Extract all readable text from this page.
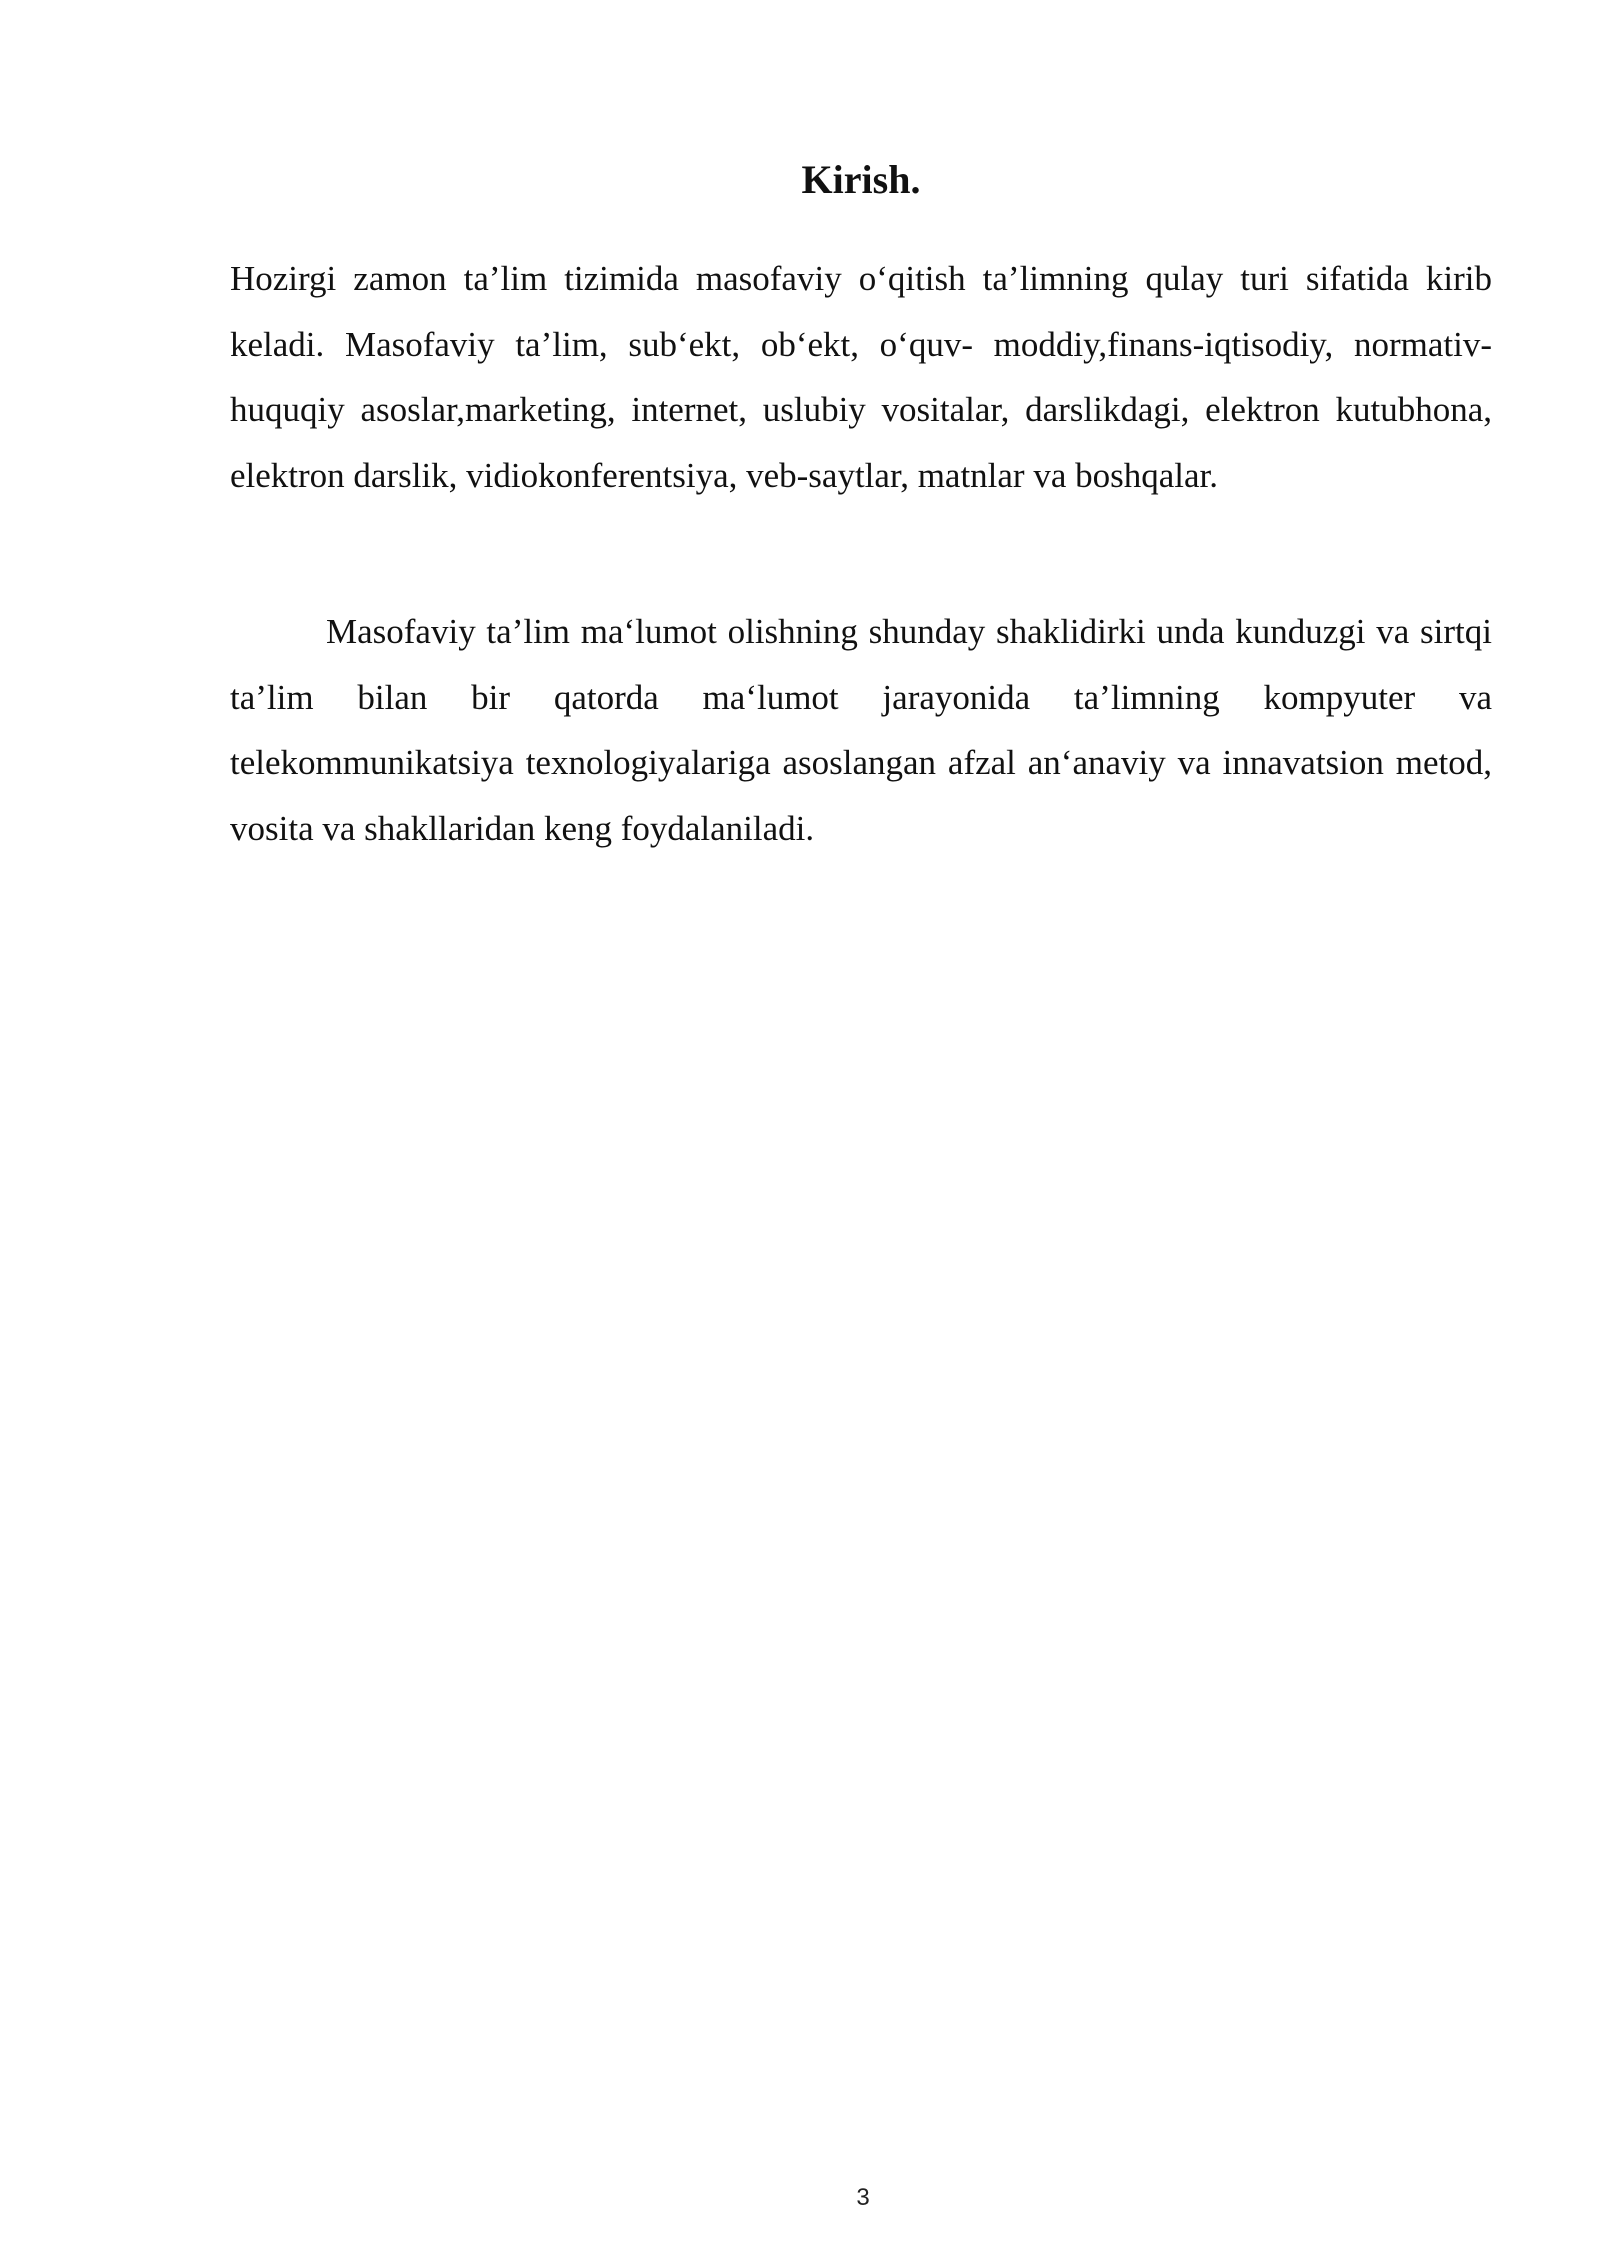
Kirish.

Hozirgi zamon ta’lim tizimida masofaviy o‘qitish ta’limning qulay turi sifatida kirib keladi. Masofaviy ta’lim, sub‘ekt, ob‘ekt, o‘quv- moddiy,finans-iqtisodiy, normativ-huquqiy asoslar,marketing, internet, uslubiy vositalar, darslikdagi, elektron kutubhona, elektron darslik, vidiokonferentsiya, veb-saytlar, matnlar va boshqalar.

Masofaviy ta’lim ma‘lumot olishning shunday shaklidirki unda kunduzgi va sirtqi ta’lim bilan bir qatorda ma‘lumot jarayonida ta’limning kompyuter va telekommunikatsiya texnologiyalariga asoslangan afzal an‘anaviy va innavatsion metod, vosita va shakllaridan keng foydalaniladi.

3
